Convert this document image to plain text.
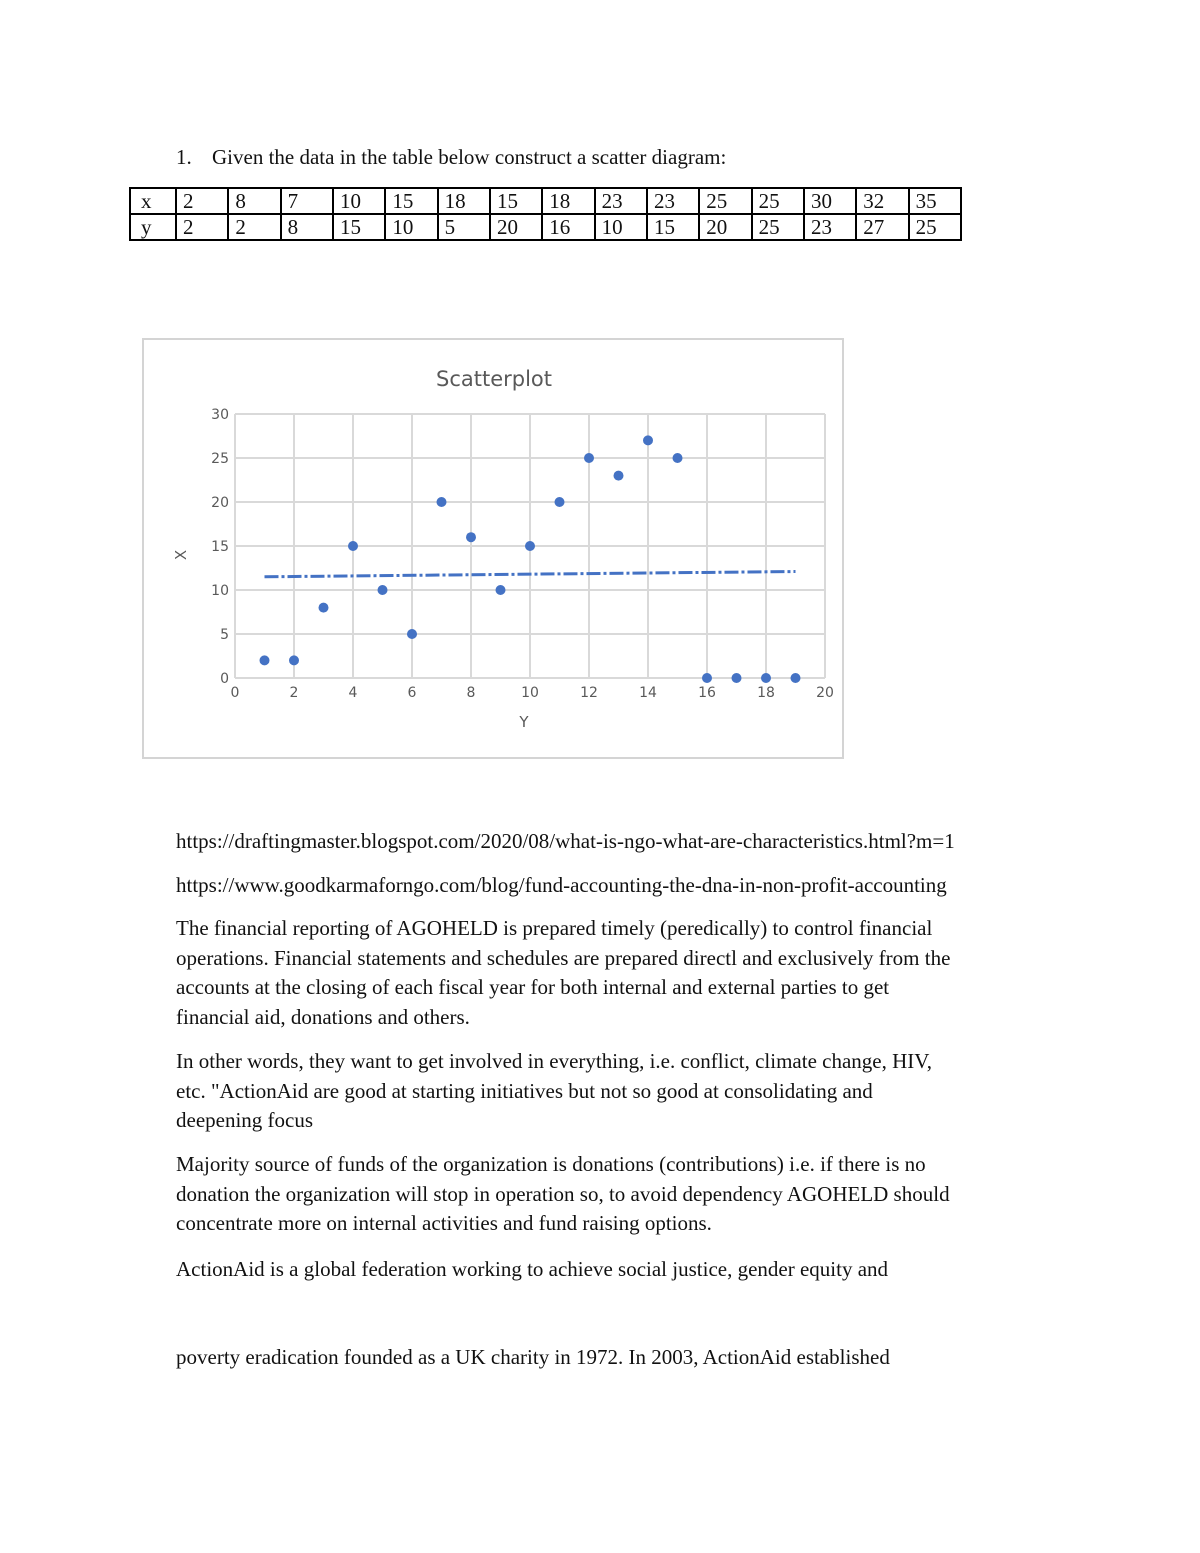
1. Given the data in the table below construct a scatter diagram:
x	2	8	7	10	15	18	15	18	23	23	25	25	30	32	35
y	2	2	8	15	10	5	20	16	10	15	20	25	23	27	25
0	2	4	6	8	10	12	14	16	18	20
0
5
10
15
20
25
30
Scatterplot
Y
X

https://draftingmaster.blogspot.com/2020/08/what-is-ngo-what-are-characteristics.html?m=1

https://www.goodkarmaforngo.com/blog/fund-accounting-the-dna-in-non-profit-accounting

The financial reporting of AGOHELD is prepared timely (peredically) to control financial

operations. Financial statements and schedules are prepared directl and exclusively from the

accounts at the closing of each fiscal year for both internal and external parties to get

financial aid, donations and others.

In other words, they want to get involved in everything, i.e. conflict, climate change, HIV,

etc. "ActionAid are good at starting initiatives but not so good at consolidating and

deepening focus

Majority source of funds of the organization is donations (contributions) i.e. if there is no

donation the organization will stop in operation so, to avoid dependency AGOHELD should

concentrate more on internal activities and fund raising options.

ActionAid is a global federation working to achieve social justice, gender equity and

poverty eradication founded as a UK charity in 1972. In 2003, ActionAid established
